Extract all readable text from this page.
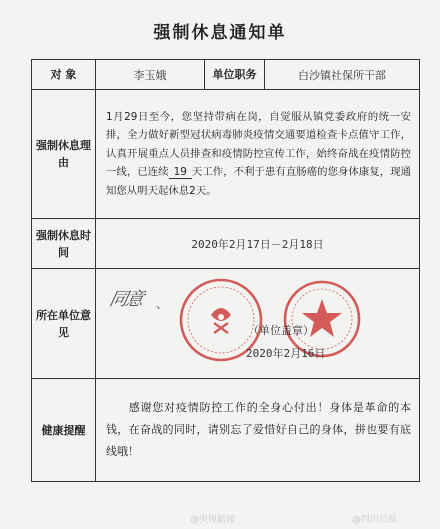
强制休息通知单
对 象	李玉娥	单位职务	白沙镇社保所干部
强制休息理由	1月29日至今，您坚持带病在岗，自觉服从镇党委政府的统一安排，全力做好新型冠状病毒肺炎疫情交通要道检查卡点值守工作，认真开展重点人员排查和疫情防控宣传工作，始终奋战在疫情防控一线，已连续 19 天工作，不利于患有直肠癌的您身体康复，现通知您从明天起休息2天。		
强制休息时间	2020年2月17日－2月18日		
所在单位意见	同意 、
（单位盖章）
2020年2月16日		

健康提醒	感谢您对疫情防控工作的全身心付出！身体是革命的本钱，在奋战的同时，请别忘了爱惜好自己的身体，拼也要有底线哦！		
@央视新闻	@四川日报
